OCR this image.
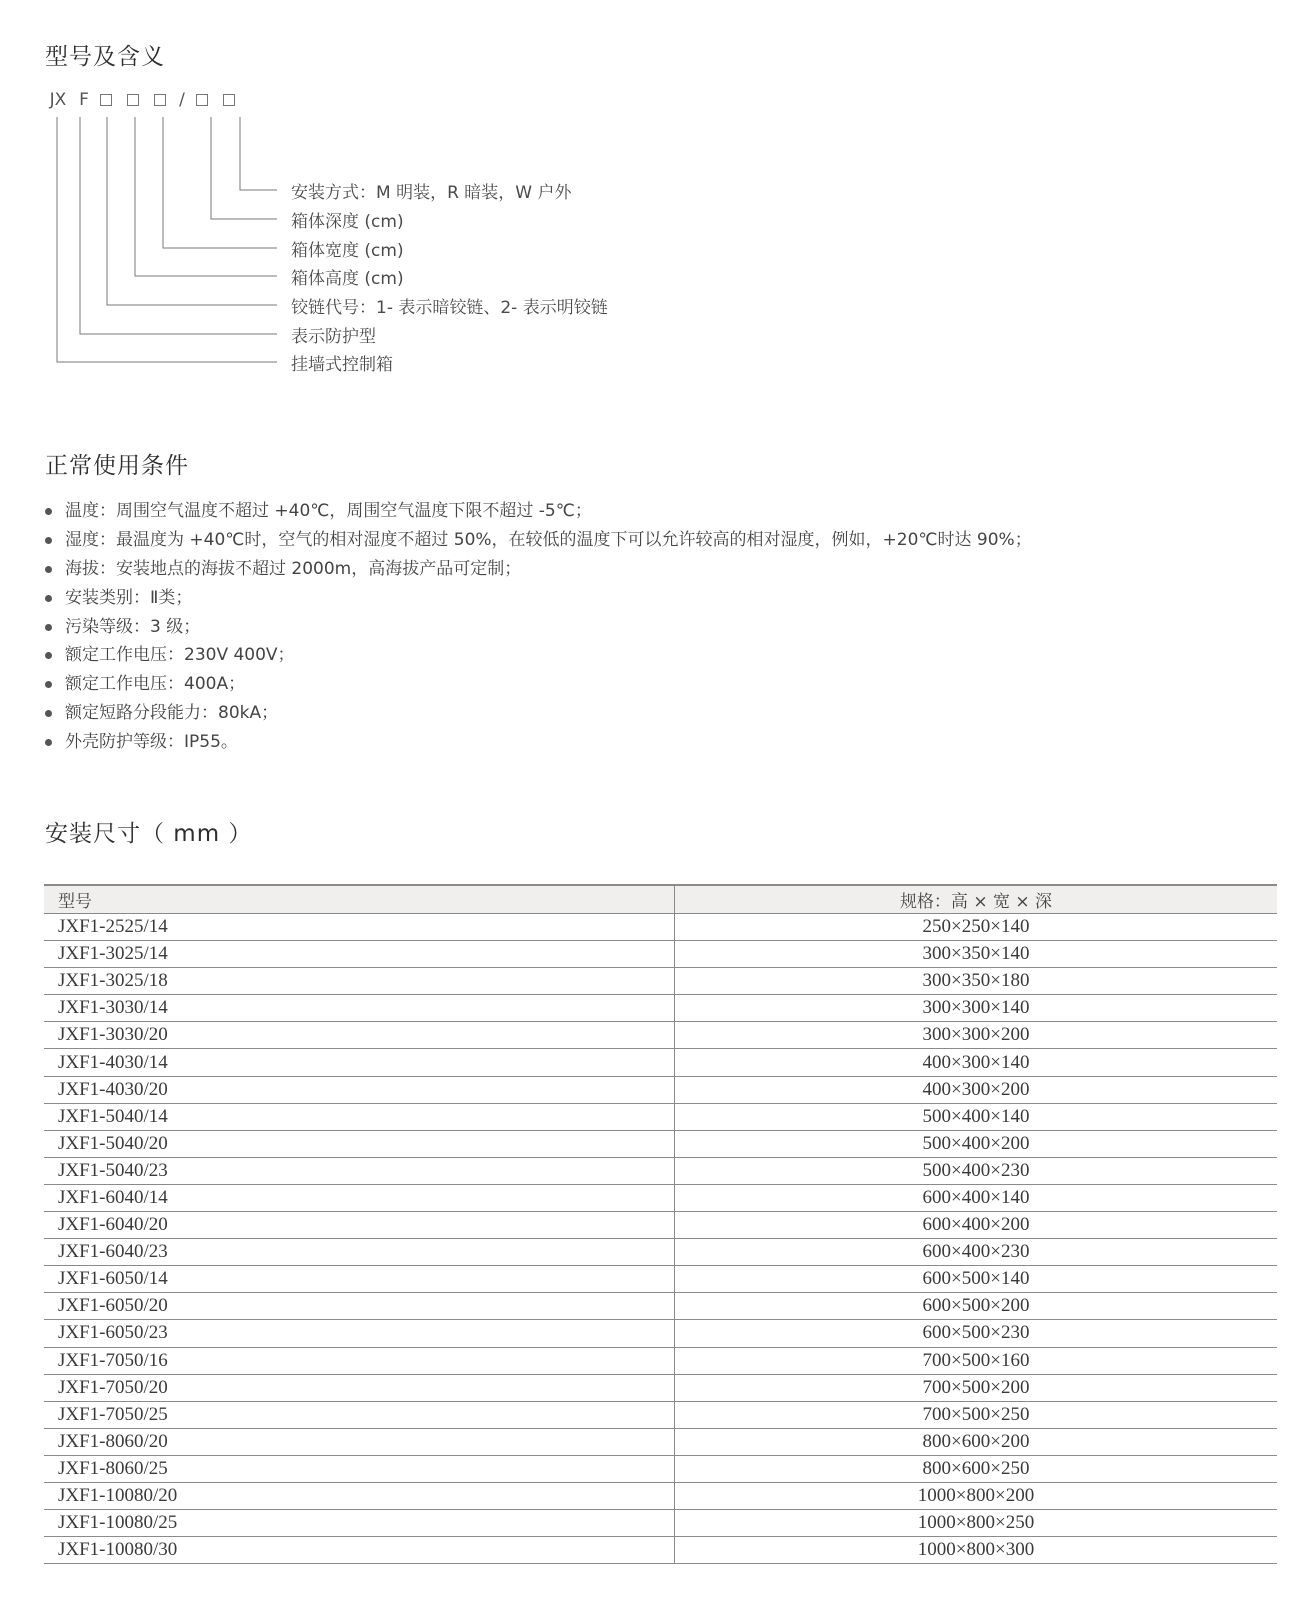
型号及含义
JX F	/
安装方式：M 明装，R 暗装，W 户外
箱体深度 (cm)
箱体宽度 (cm)
箱体高度 (cm)
铰链代号：1- 表示暗铰链、2- 表示明铰链
表示防护型
挂墙式控制箱
正常使用条件
温度：周围空气温度不超过 +40℃，周围空气温度下限不超过 -5℃；
湿度：最温度为 +40℃时，空气的相对湿度不超过 50%，在较低的温度下可以允许较高的相对湿度，例如，+20℃时达 90%；
海拔：安装地点的海拔不超过 2000m，高海拔产品可定制；
安装类别：Ⅱ类；
污染等级：3 级；
额定工作电压：230V 400V；
额定工作电压：400A；
额定短路分段能力：80kA；
外壳防护等级：IP55。
安装尺寸（ mm ）
型号	规格：高 × 宽 × 深
JXF1-2525/14	250×250×140
JXF1-3025/14	300×350×140
JXF1-3025/18	300×350×180
JXF1-3030/14	300×300×140
JXF1-3030/20	300×300×200
JXF1-4030/14	400×300×140
JXF1-4030/20	400×300×200
JXF1-5040/14	500×400×140
JXF1-5040/20	500×400×200
JXF1-5040/23	500×400×230
JXF1-6040/14	600×400×140
JXF1-6040/20	600×400×200
JXF1-6040/23	600×400×230
JXF1-6050/14	600×500×140
JXF1-6050/20	600×500×200
JXF1-6050/23	600×500×230
JXF1-7050/16	700×500×160
JXF1-7050/20	700×500×200
JXF1-7050/25	700×500×250
JXF1-8060/20	800×600×200
JXF1-8060/25	800×600×250
JXF1-10080/20	1000×800×200
JXF1-10080/25	1000×800×250
JXF1-10080/30	1000×800×300
